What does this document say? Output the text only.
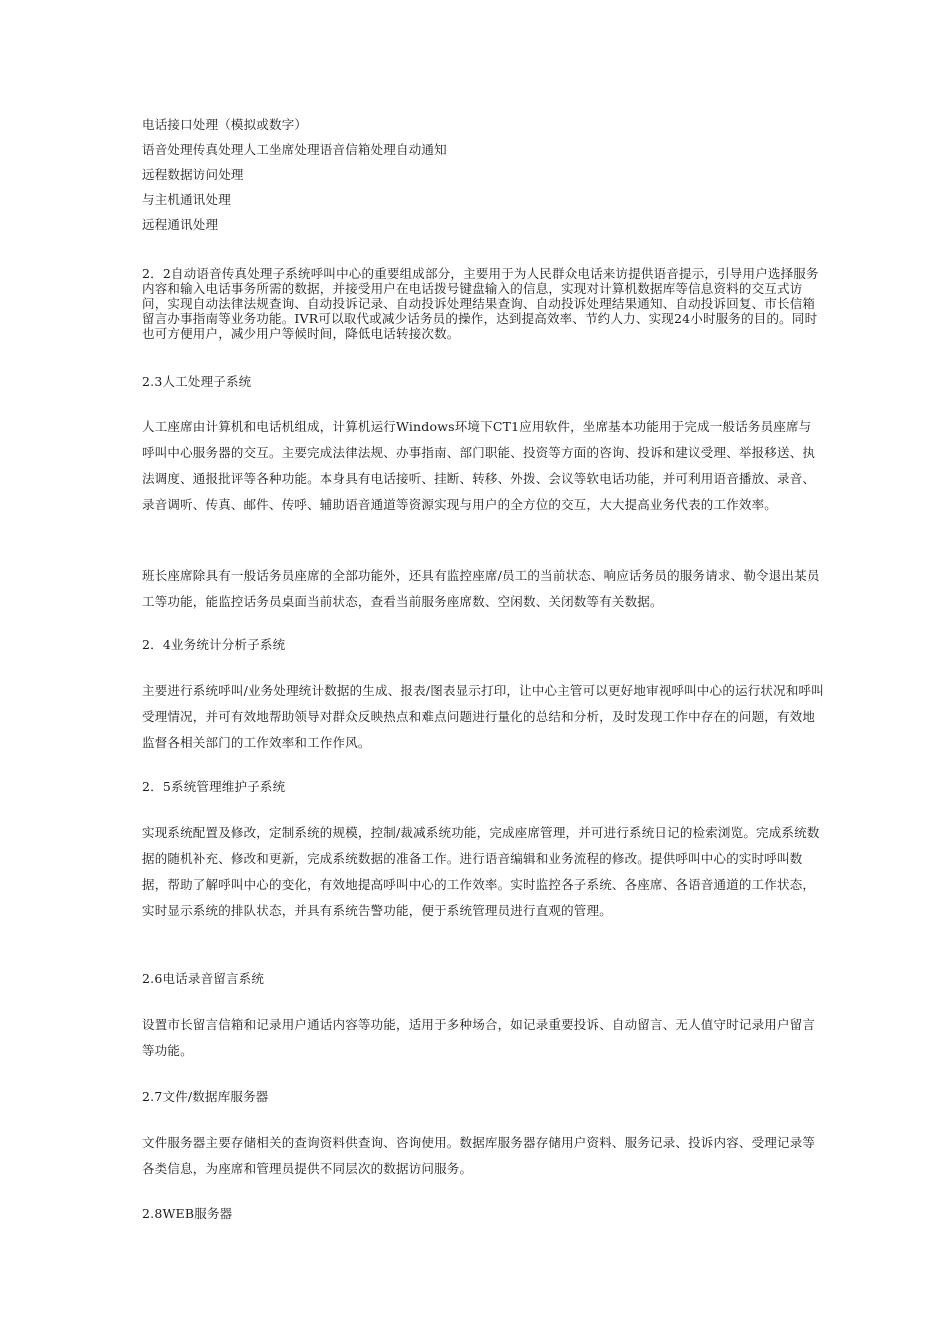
电话接口处理（模拟或数字）

语音处理传真处理人工坐席处理语音信箱处理自动通知

远程数据访问处理

与主机通讯处理

远程通讯处理

2．2自动语音传真处理子系统呼叫中心的重要组成部分，主要用于为人民群众电话来访提供语音提示，引导用户选择服务内容和输入电话事务所需的数据，并接受用户在电话拨号键盘输入的信息，实现对计算机数据库等信息资料的交互式访问，实现自动法律法规查询、自动投诉记录、自动投诉处理结果查询、自动投诉处理结果通知、自动投诉回复、市长信箱留言办事指南等业务功能。IVR可以取代或减少话务员的操作，达到提高效率、节约人力、实现24小时服务的目的。同时也可方便用户，减少用户等候时间，降低电话转接次数。

2.3人工处理子系统

人工座席由计算机和电话机组成，计算机运行Windows环境下CT1应用软件，坐席基本功能用于完成一般话务员座席与呼叫中心服务器的交互。主要完成法律法规、办事指南、部门职能、投资等方面的咨询、投诉和建议受理、举报移送、执法调度、通报批评等各种功能。本身具有电话接听、挂断、转移、外拨、会议等软电话功能，并可利用语音播放、录音、录音调听、传真、邮件、传呼、辅助语音通道等资源实现与用户的全方位的交互，大大提高业务代表的工作效率。

班长座席除具有一般话务员座席的全部功能外，还具有监控座席/员工的当前状态、响应话务员的服务请求、勒令退出某员工等功能，能监控话务员桌面当前状态，查看当前服务座席数、空闲数、关闭数等有关数据。

2．4业务统计分析子系统

主要进行系统呼叫/业务处理统计数据的生成、报表/图表显示打印，让中心主管可以更好地审视呼叫中心的运行状况和呼叫受理情况，并可有效地帮助领导对群众反映热点和难点问题进行量化的总结和分析，及时发现工作中存在的问题，有效地监督各相关部门的工作效率和工作作风。

2．5系统管理维护子系统

实现系统配置及修改，定制系统的规模，控制/裁减系统功能，完成座席管理，并可进行系统日记的检索浏览。完成系统数据的随机补充、修改和更新，完成系统数据的准备工作。进行语音编辑和业务流程的修改。提供呼叫中心的实时呼叫数据，帮助了解呼叫中心的变化，有效地提高呼叫中心的工作效率。实时监控各子系统、各座席、各语音通道的工作状态，实时显示系统的排队状态，并具有系统告警功能，便于系统管理员进行直观的管理。

2.6电话录音留言系统

设置市长留言信箱和记录用户通话内容等功能，适用于多种场合，如记录重要投诉、自动留言、无人值守时记录用户留言等功能。

2.7文件/数据库服务器

文件服务器主要存储相关的查询资料供查询、咨询使用。数据库服务器存储用户资料、服务记录、投诉内容、受理记录等各类信息，为座席和管理员提供不同层次的数据访问服务。

2.8WEB服务器
